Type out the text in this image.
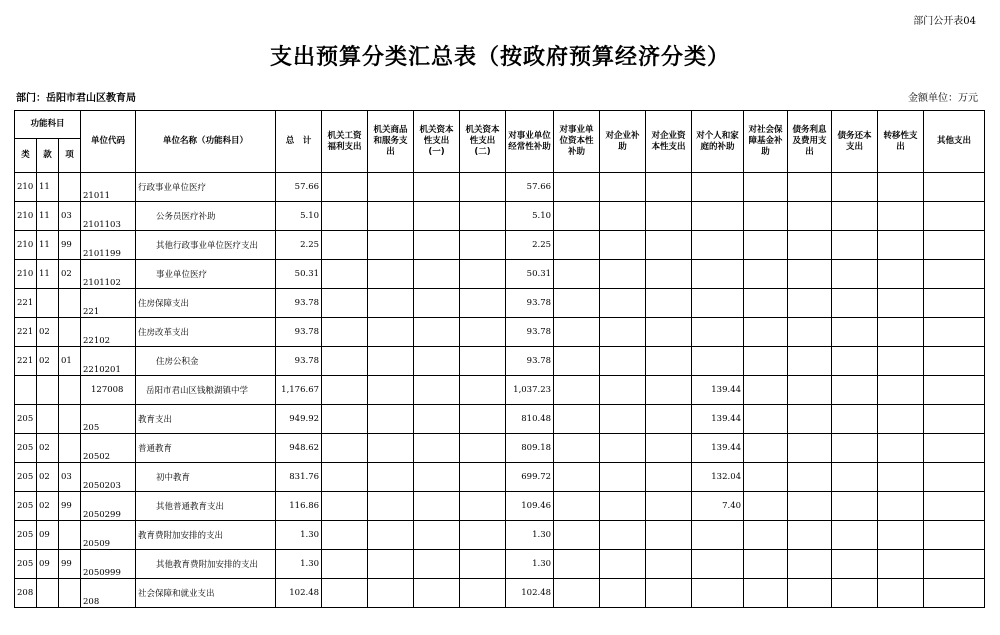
部门公开表04
支出预算分类汇总表（按政府预算经济分类）
部门：岳阳市君山区教育局	金额单位：万元
功能科目			单位代码	单位名称（功能科目）	总　计	机关工资福利支出	机关商品和服务支出	机关资本性支出(一)	机关资本性支出(二)	对事业单位经常性补助	对事业单位资本性补助	对企业补助	对企业资本性支出	对个人和家庭的补助	对社会保障基金补助	债务利息及费用支出	债务还本支出	转移性支出	其他支出
类	款	项																	
210	11		21011	行政事业单位医疗	57.66					57.66									
210	11	03	2101103	公务员医疗补助	5.10					5.10									
210	11	99	2101199	其他行政事业单位医疗支出	2.25					2.25									
210	11	02	2101102	事业单位医疗	50.31					50.31									
221			221	住房保障支出	93.78					93.78									
221	02		22102	住房改革支出	93.78					93.78									
221	02	01	2210201	住房公积金	93.78					93.78									
			127008	岳阳市君山区钱粮湖镇中学	1,176.67					1,037.23				139.44					
205			205	教育支出	949.92					810.48				139.44					
205	02		20502	普通教育	948.62					809.18				139.44					
205	02	03	2050203	初中教育	831.76					699.72				132.04					
205	02	99	2050299	其他普通教育支出	116.86					109.46				7.40					
205	09		20509	教育费附加安排的支出	1.30					1.30									
205	09	99	2050999	其他教育费附加安排的支出	1.30					1.30									
208			208	社会保障和就业支出	102.48					102.48									
